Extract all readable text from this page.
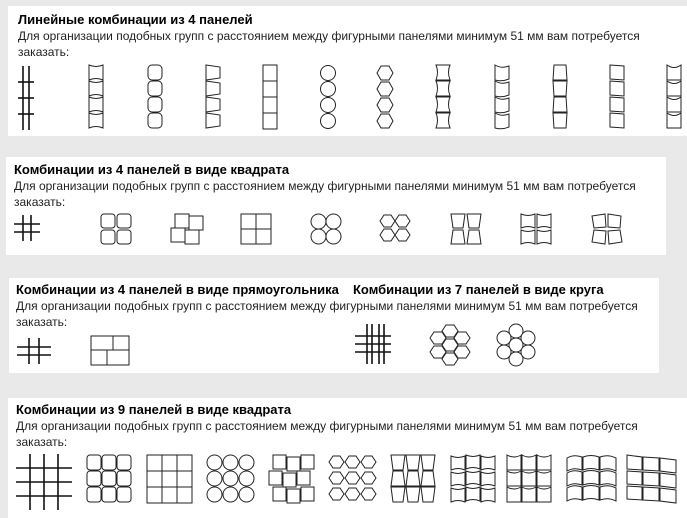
Линейные комбинации из 4 панелей

Для организации подобных групп с расстоянием между фигурными панелями минимум 51 мм вам потребуется заказать:

Комбинации из 4 панелей в виде квадрата

Для организации подобных групп с расстоянием между фигурными панелями минимум 51 мм вам потребуется заказать:

Комбинации из 4 панелей в виде прямоугольника	Комбинации из 7 панелей в виде круга

Для организации подобных групп с расстоянием между фигурными панелями минимум 51 мм вам потребуется заказать:

Комбинации из 9 панелей в виде квадрата

Для организации подобных групп с расстоянием между фигурными панелями минимум 51 мм вам потребуется заказать:
